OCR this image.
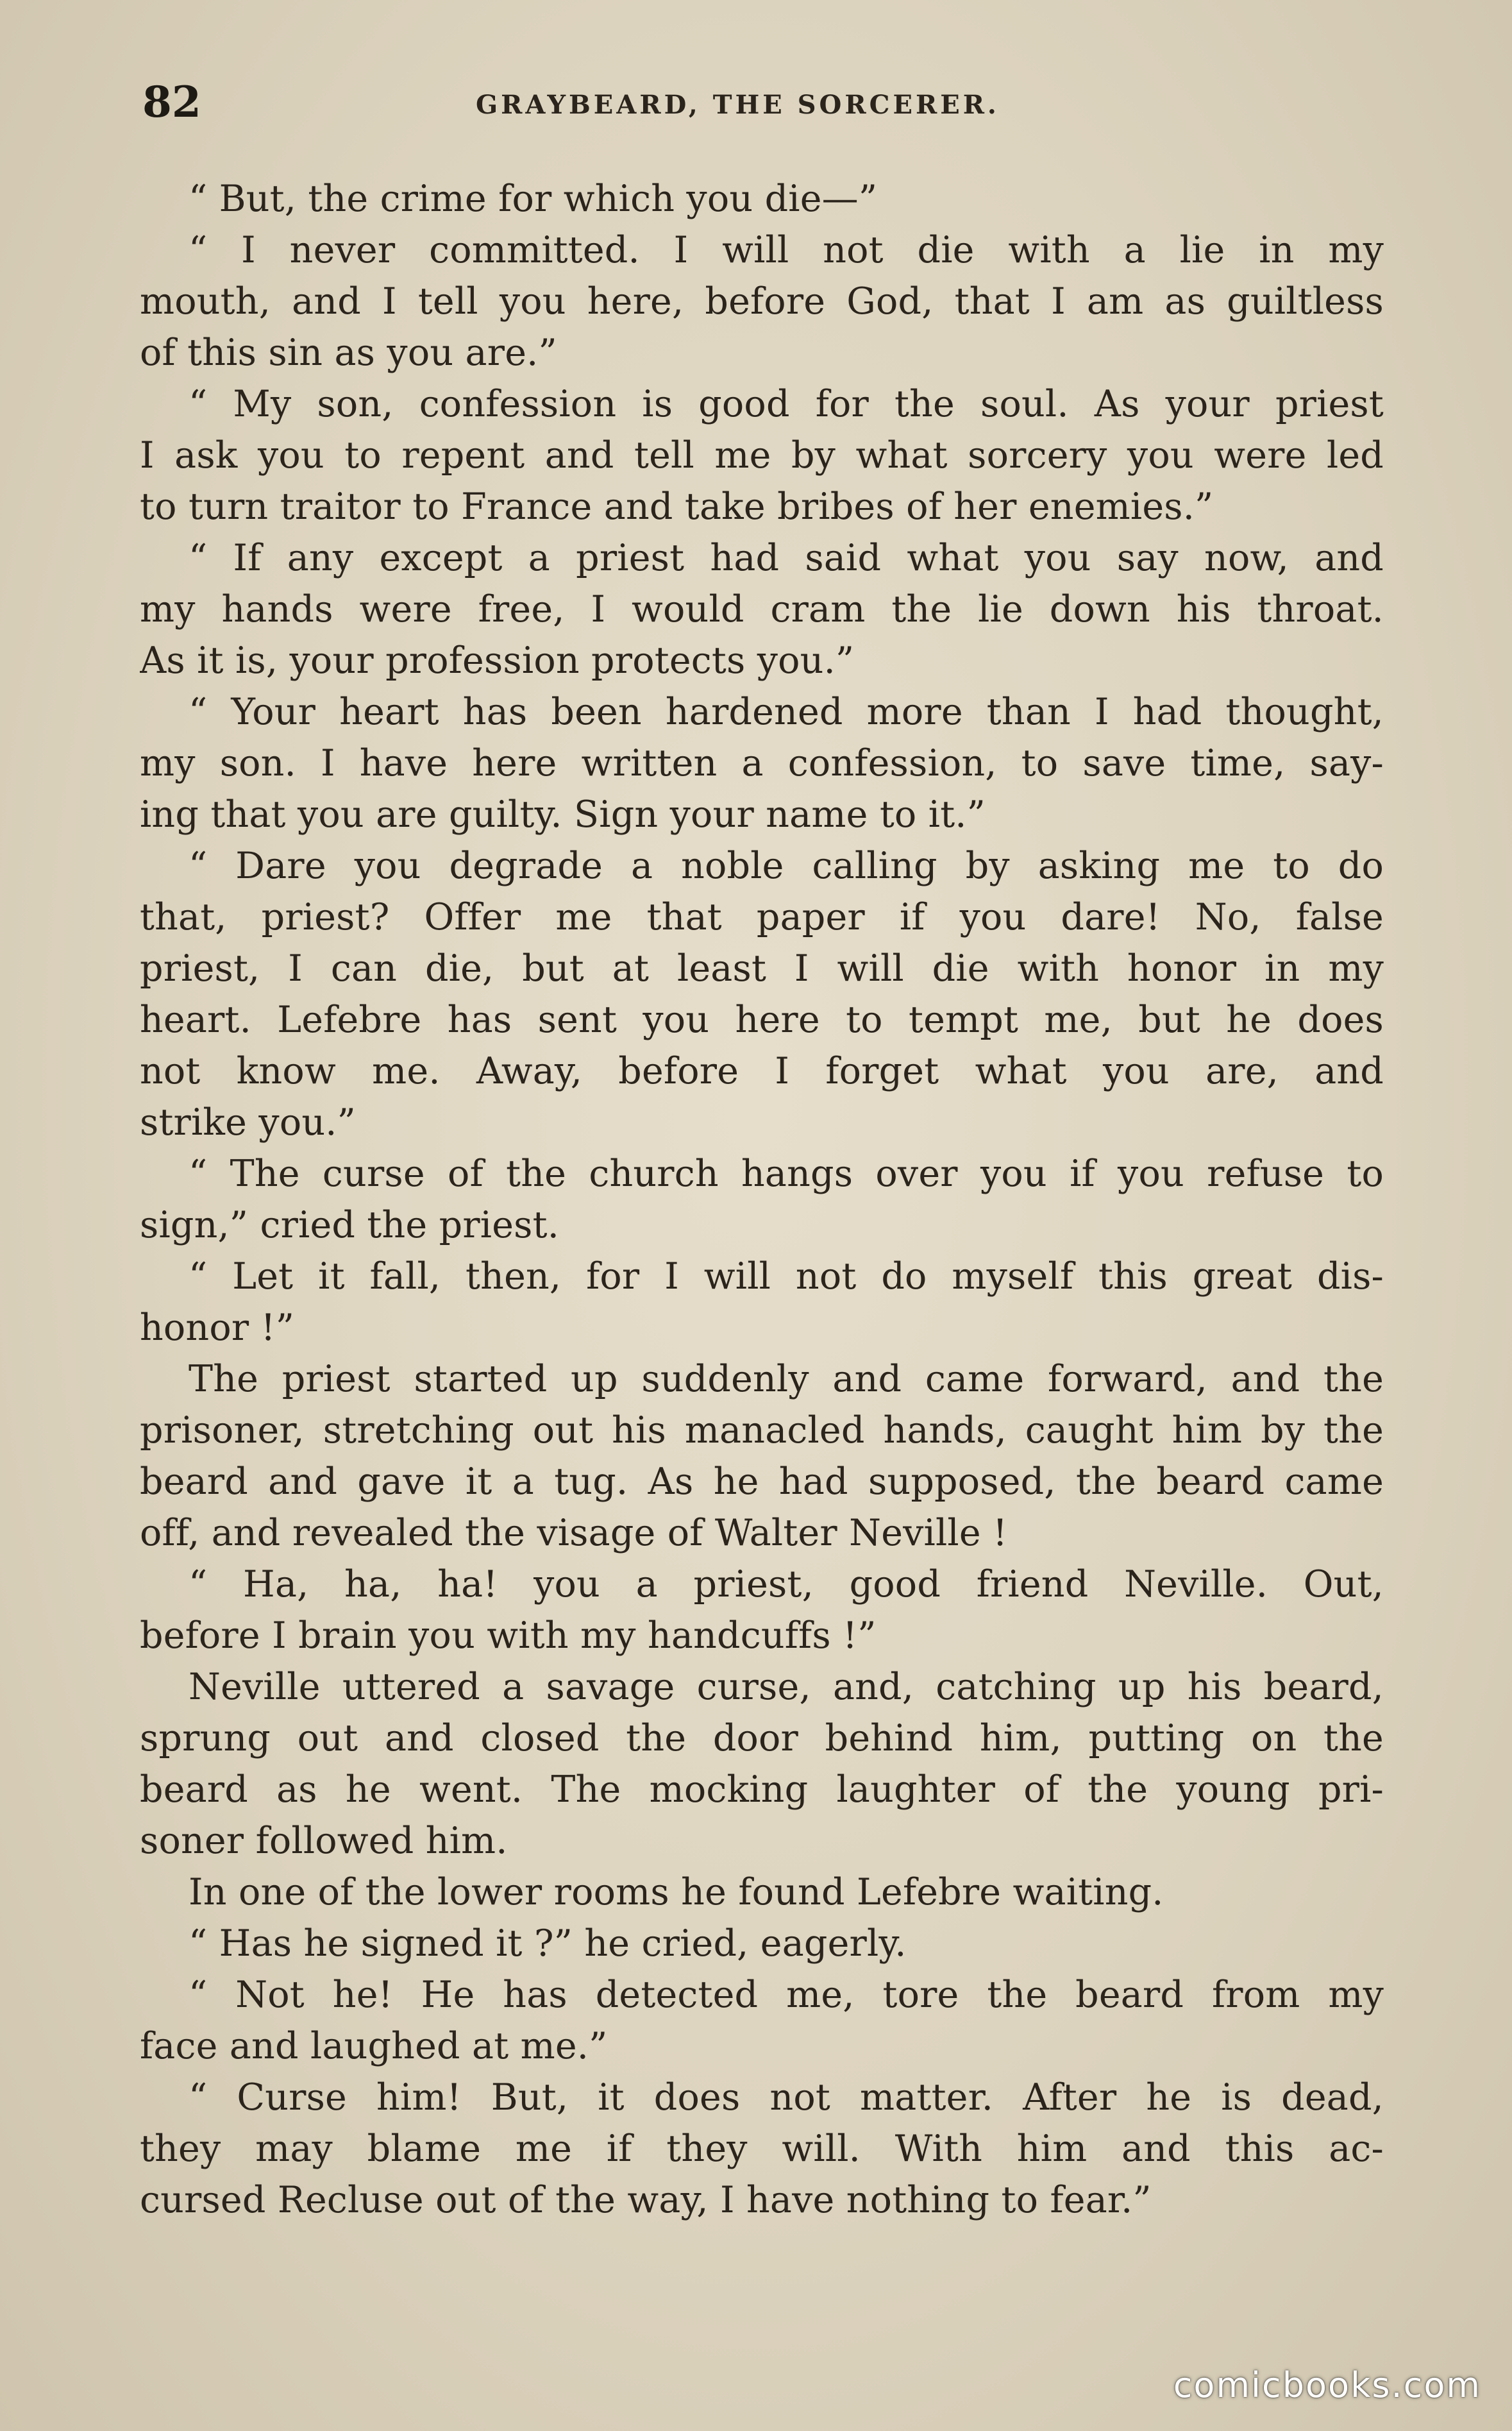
82	GRAYBEARD, THE SORCERER.
“ But, the crime for which you die—”
“ I never committed. I will not die with a lie in my
mouth, and I tell you here, before God, that I am as guiltless
of this sin as you are.”
“ My son, confession is good for the soul. As your priest
I ask you to repent and tell me by what sorcery you were led
to turn traitor to France and take bribes of her enemies.”
“ If any except a priest had said what you say now, and
my hands were free, I would cram the lie down his throat.
As it is, your profession protects you.”
“ Your heart has been hardened more than I had thought,
my son. I have here written a confession, to save time, say-
ing that you are guilty. Sign your name to it.”
“ Dare you degrade a noble calling by asking me to do
that, priest? Offer me that paper if you dare! No, false
priest, I can die, but at least I will die with honor in my
heart. Lefebre has sent you here to tempt me, but he does
not know me. Away, before I forget what you are, and
strike you.”
“ The curse of the church hangs over you if you refuse to
sign,” cried the priest.
“ Let it fall, then, for I will not do myself this great dis-
honor !”
The priest started up suddenly and came forward, and the
prisoner, stretching out his manacled hands, caught him by the
beard and gave it a tug. As he had supposed, the beard came
off, and revealed the visage of Walter Neville !
“ Ha, ha, ha! you a priest, good friend Neville. Out,
before I brain you with my handcuffs !”
Neville uttered a savage curse, and, catching up his beard,
sprung out and closed the door behind him, putting on the
beard as he went. The mocking laughter of the young pri-
soner followed him.
In one of the lower rooms he found Lefebre waiting.
“ Has he signed it ?” he cried, eagerly.
“ Not he! He has detected me, tore the beard from my
face and laughed at me.”
“ Curse him! But, it does not matter. After he is dead,
they may blame me if they will. With him and this ac-
cursed Recluse out of the way, I have nothing to fear.”
comicbooks.com
